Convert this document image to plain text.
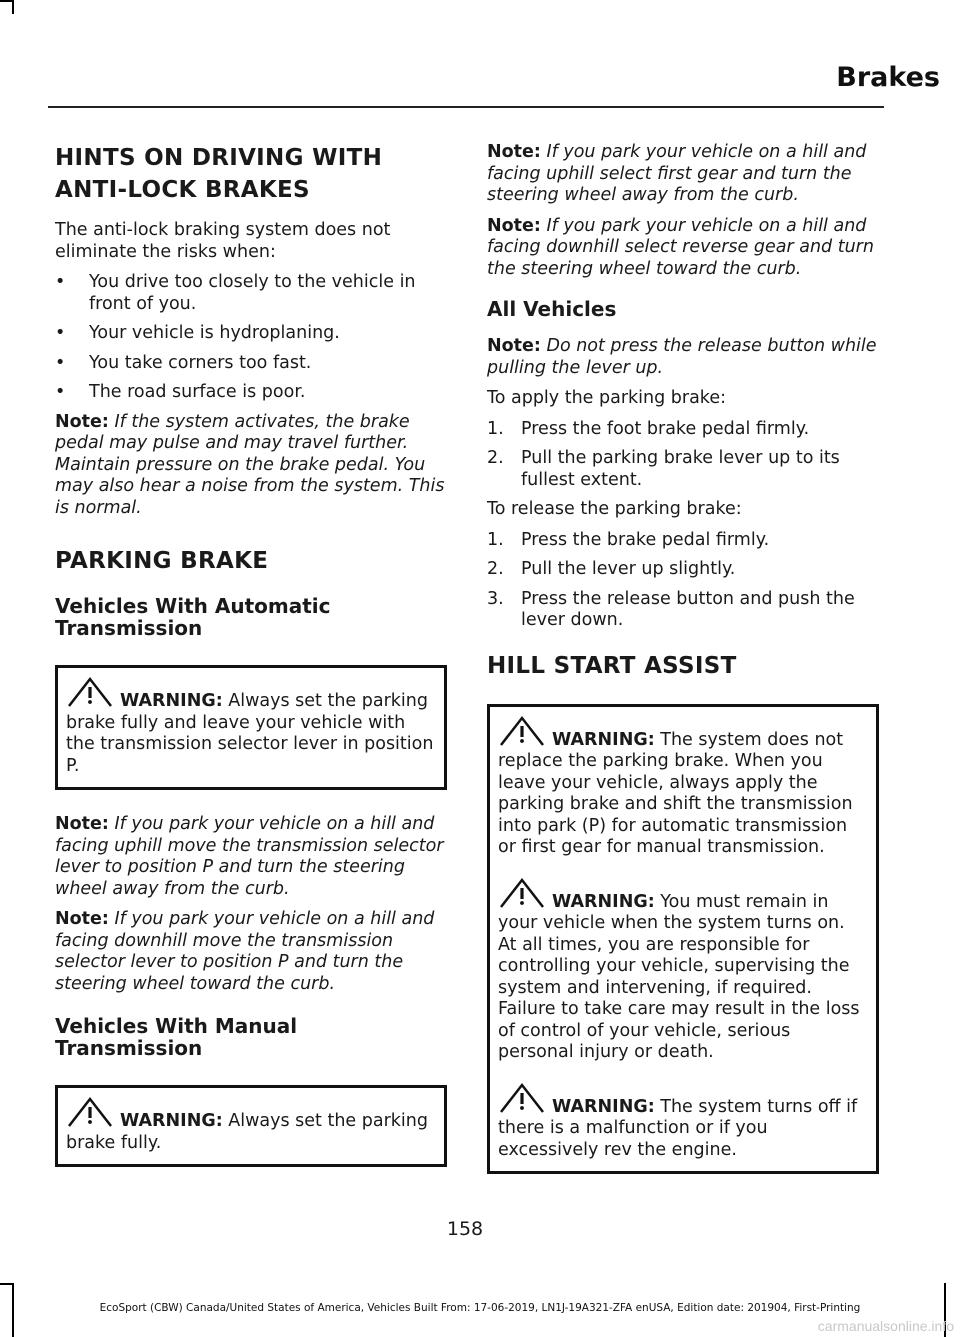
Brakes
HINTS ON DRIVING WITH ANTI-LOCK BRAKES
The anti-lock braking system does not eliminate the risks when:
• You drive too closely to the vehicle in front of you.
• Your vehicle is hydroplaning.
• You take corners too fast.
• The road surface is poor.
Note: If the system activates, the brake pedal may pulse and may travel further. Maintain pressure on the brake pedal. You may also hear a noise from the system. This is normal.
PARKING BRAKE
Vehicles With Automatic Transmission
WARNING: Always set the parking brake fully and leave your vehicle with the transmission selector lever in position P.
Note: If you park your vehicle on a hill and facing uphill move the transmission selector lever to position P and turn the steering wheel away from the curb.
Note: If you park your vehicle on a hill and facing downhill move the transmission selector lever to position P and turn the steering wheel toward the curb.
Vehicles With Manual Transmission
WARNING: Always set the parking brake fully.
Note: If you park your vehicle on a hill and facing uphill select first gear and turn the steering wheel away from the curb.
Note: If you park your vehicle on a hill and facing downhill select reverse gear and turn the steering wheel toward the curb.
All Vehicles
Note: Do not press the release button while pulling the lever up.
To apply the parking brake:
1. Press the foot brake pedal firmly.
2. Pull the parking brake lever up to its fullest extent.
To release the parking brake:
1. Press the brake pedal firmly.
2. Pull the lever up slightly.
3. Press the release button and push the lever down.
HILL START ASSIST
WARNING: The system does not replace the parking brake. When you leave your vehicle, always apply the parking brake and shift the transmission into park (P) for automatic transmission or first gear for manual transmission.
WARNING: You must remain in your vehicle when the system turns on. At all times, you are responsible for controlling your vehicle, supervising the system and intervening, if required. Failure to take care may result in the loss of control of your vehicle, serious personal injury or death.
WARNING: The system turns off if there is a malfunction or if you excessively rev the engine.
158
EcoSport (CBW) Canada/United States of America, Vehicles Built From: 17-06-2019, LN1J-19A321-ZFA enUSA, Edition date: 201904, First-Printing
carmanualsonline.info
